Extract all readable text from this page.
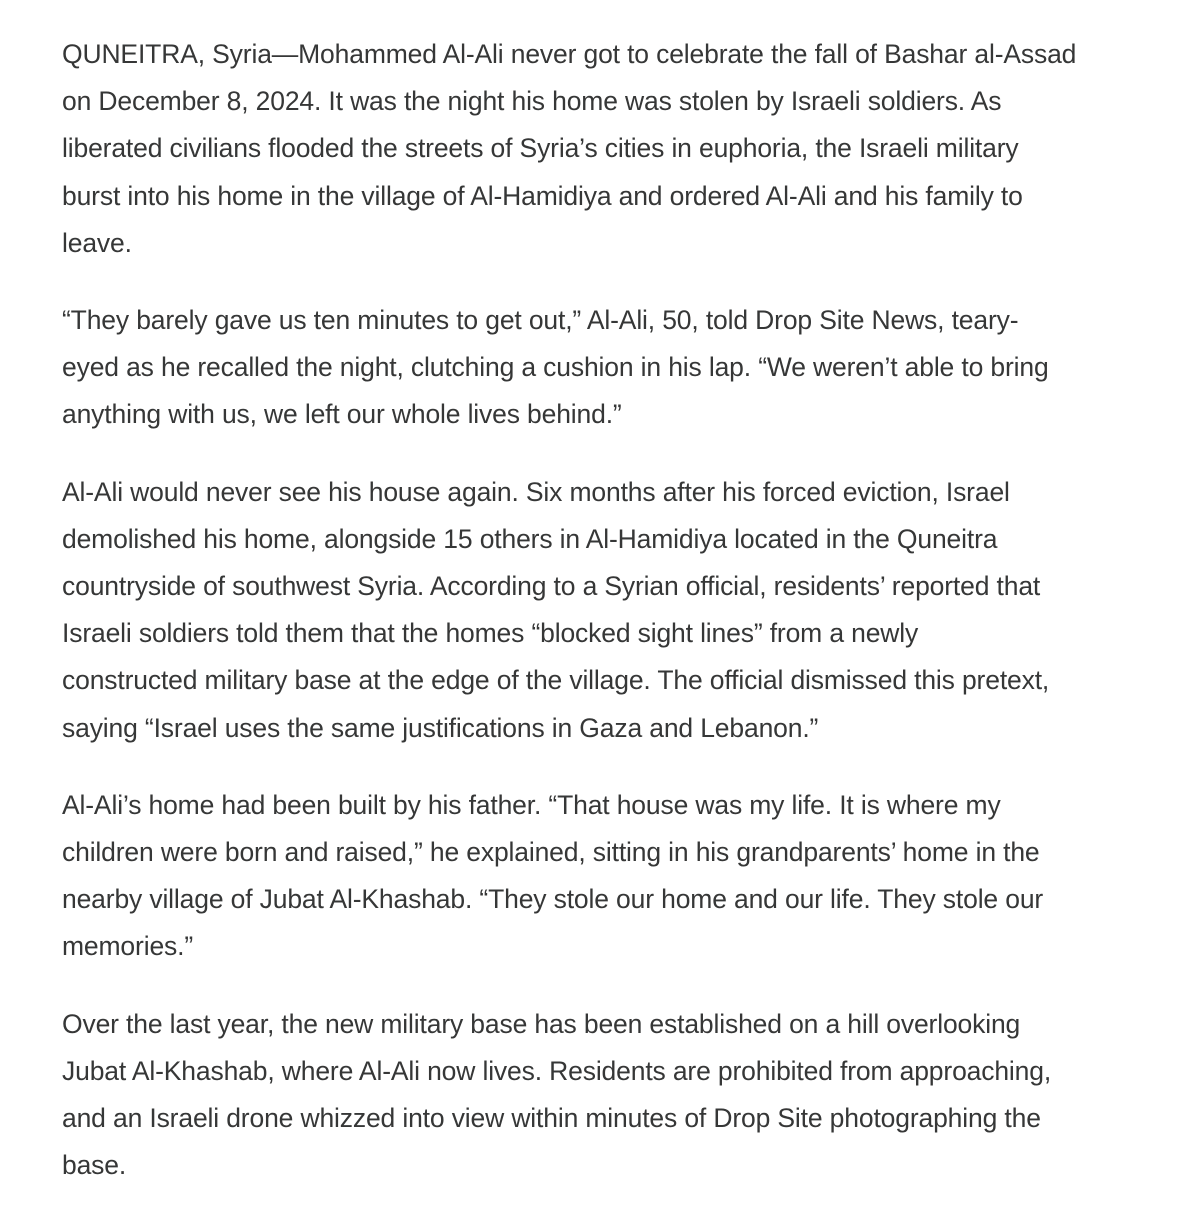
QUNEITRA, Syria—Mohammed Al-Ali never got to celebrate the fall of Bashar al-Assad
on December 8, 2024. It was the night his home was stolen by Israeli soldiers. As
liberated civilians flooded the streets of Syria’s cities in euphoria, the Israeli military
burst into his home in the village of Al-Hamidiya and ordered Al-Ali and his family to
leave.

“They barely gave us ten minutes to get out,” Al-Ali, 50, told Drop Site News, teary-
eyed as he recalled the night, clutching a cushion in his lap. “We weren’t able to bring
anything with us, we left our whole lives behind.”

Al-Ali would never see his house again. Six months after his forced eviction, Israel
demolished his home, alongside 15 others in Al-Hamidiya located in the Quneitra
countryside of southwest Syria. According to a Syrian official, residents’ reported that
Israeli soldiers told them that the homes “blocked sight lines” from a newly
constructed military base at the edge of the village. The official dismissed this pretext,
saying “Israel uses the same justifications in Gaza and Lebanon.”

Al-Ali’s home had been built by his father. “That house was my life. It is where my
children were born and raised,” he explained, sitting in his grandparents’ home in the
nearby village of Jubat Al-Khashab. “They stole our home and our life. They stole our
memories.”

Over the last year, the new military base has been established on a hill overlooking
Jubat Al-Khashab, where Al-Ali now lives. Residents are prohibited from approaching,
and an Israeli drone whizzed into view within minutes of Drop Site photographing the
base.
